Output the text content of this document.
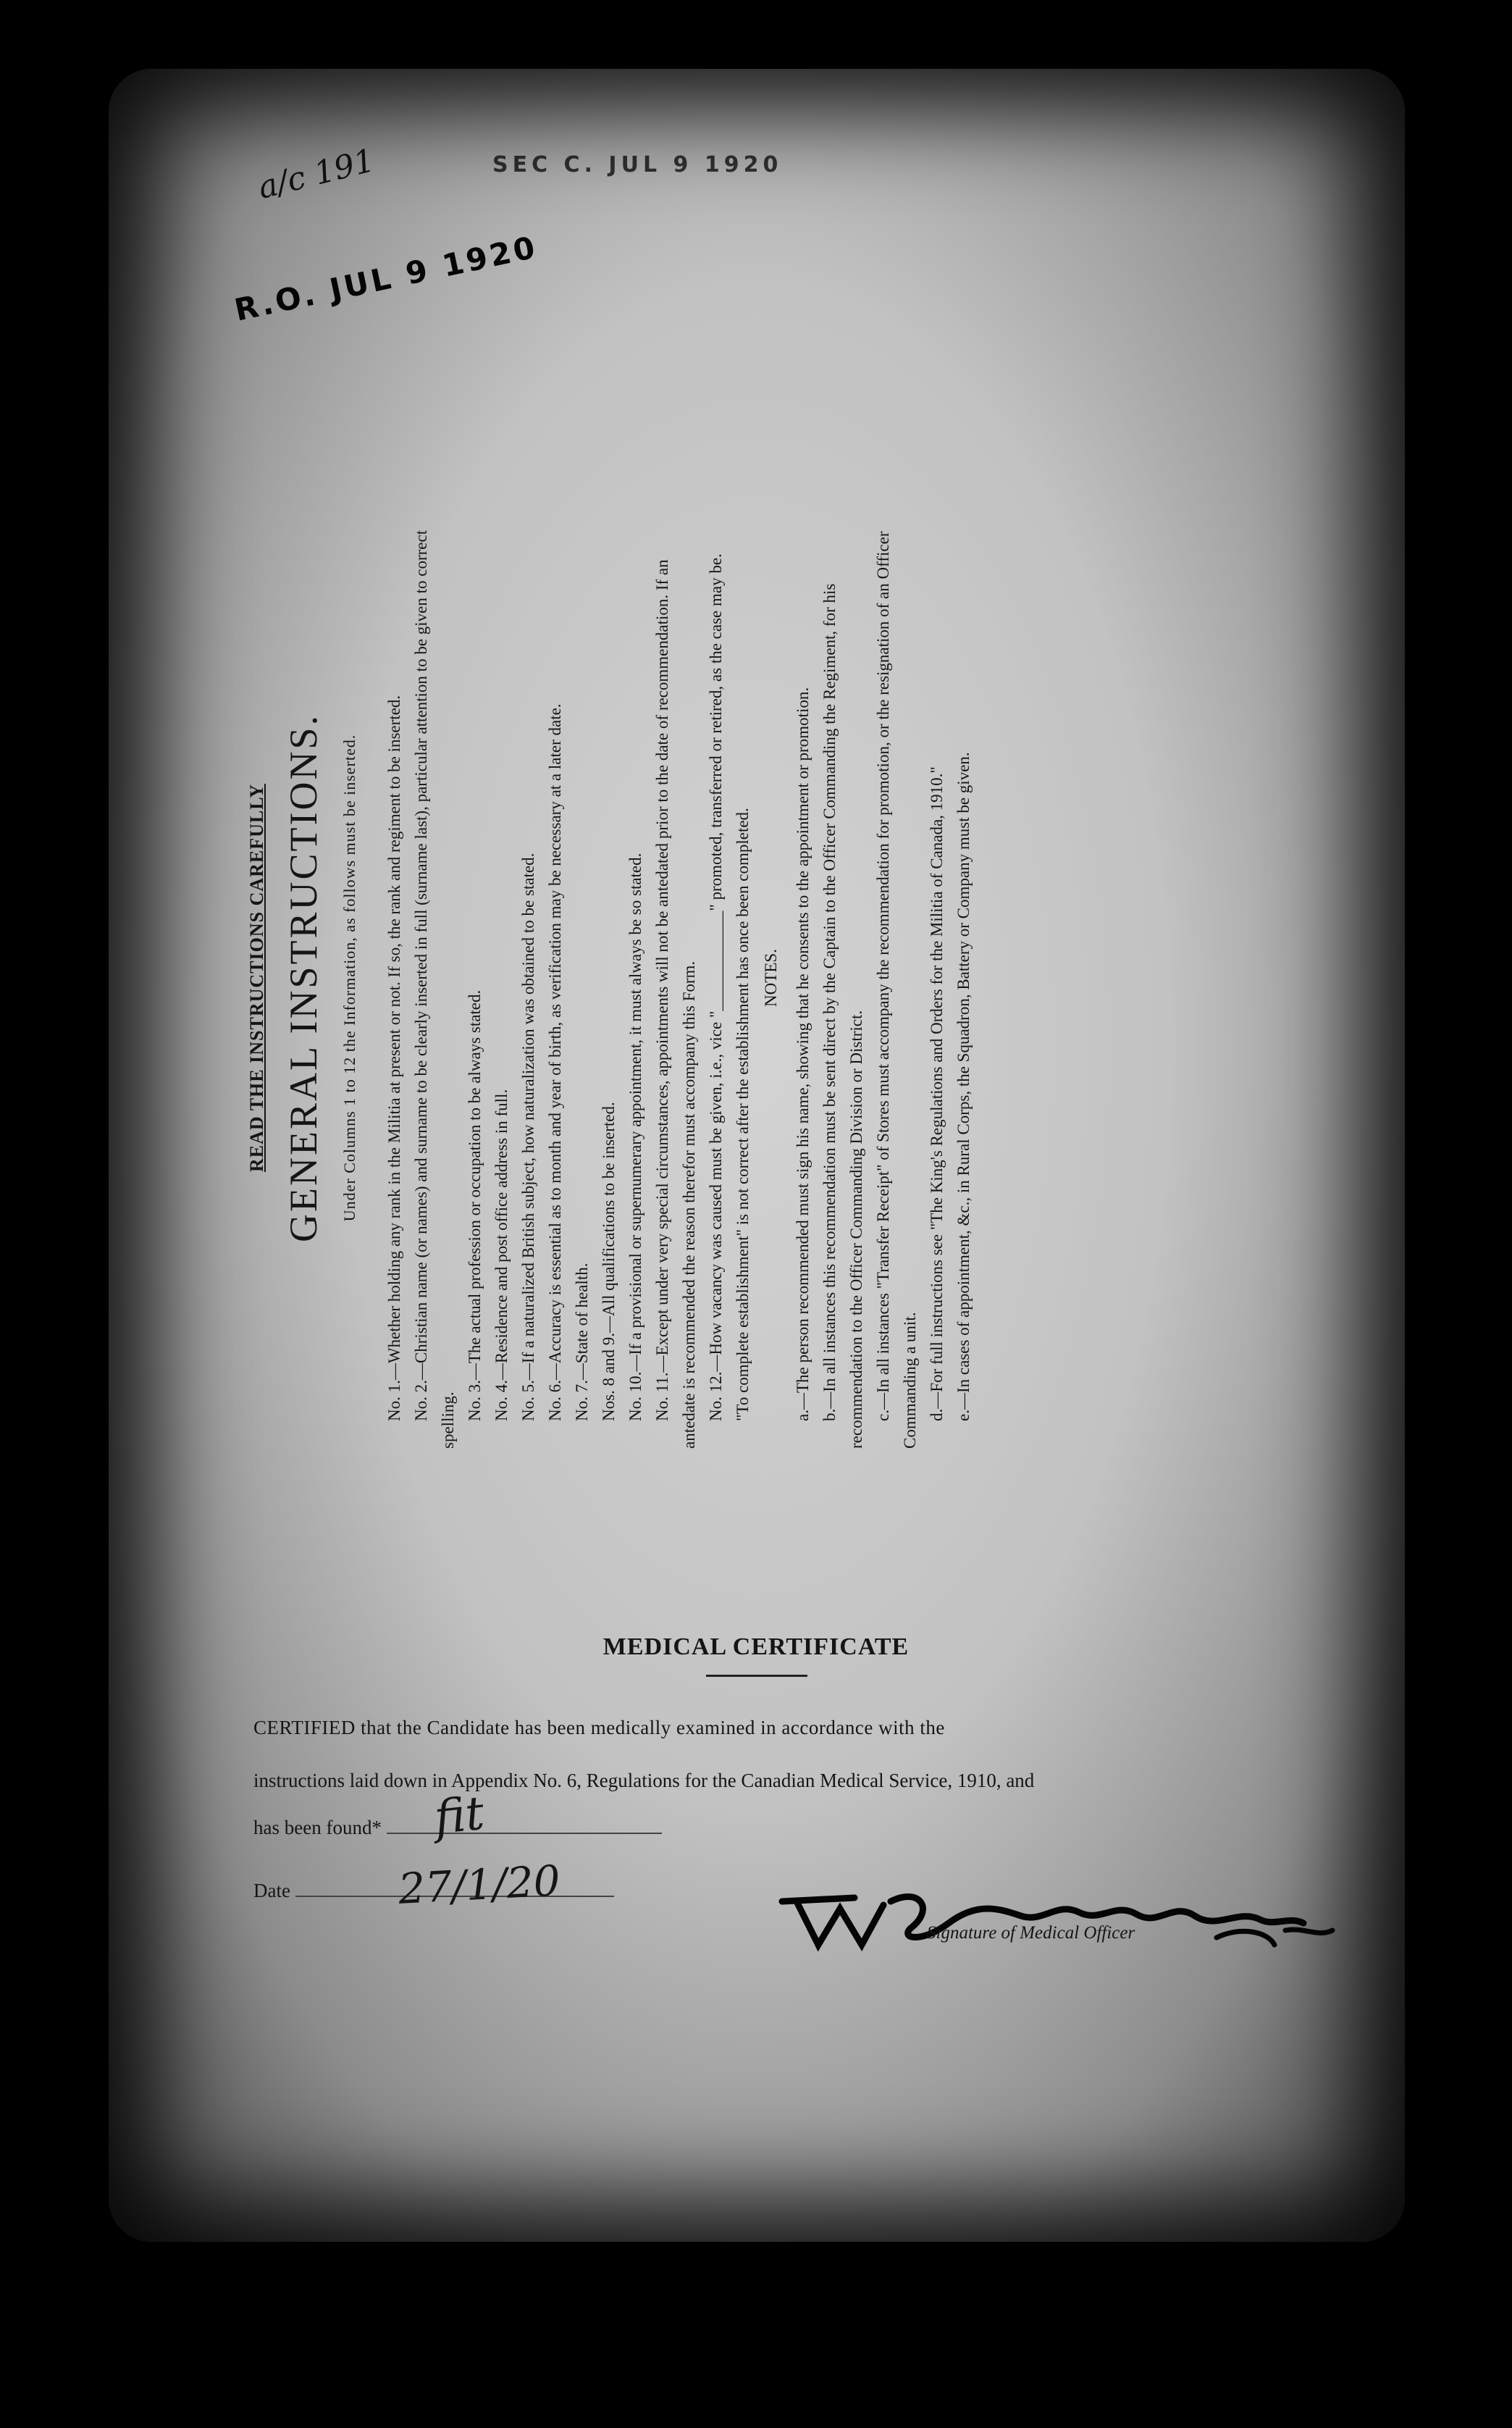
a/c 191	SEC C. JUL 9 1920
R.O. JUL 9 1920
READ THE INSTRUCTIONS CAREFULLY GENERAL INSTRUCTIONS. Under Columns 1 to 12 the Information, as follows must be inserted. No. 1.—Whether holding any rank in the Militia at present or not. If so, the rank and regiment to be inserted. No. 2.—Christian name (or names) and surname to be clearly inserted in full (surname last), particular attention to be given to correct spelling. No. 3.—The actual profession or occupation to be always stated. No. 4.—Residence and post office address in full. No. 5.—If a naturalized British subject, how naturalization was obtained to be stated. No. 6.—Accuracy is essential as to month and year of birth, as verification may be necessary at a later date. No. 7.—State of health. Nos. 8 and 9.—All qualifications to be inserted. No. 10.—If a provisional or supernumerary appointment, it must always be so stated. No. 11.—Except under very special circumstances, appointments will not be antedated prior to the date of recommendation. If an antedate is recommended the reason therefor must accompany this Form. No. 12.—How vacancy was caused must be given, i.e., vice "____________" promoted, transferred or retired, as the case may be. "To complete establishment" is not correct after the establishment has once been completed. NOTES. a.—The person recommended must sign his name, showing that he consents to the appointment or promotion. b.—In all instances this recommendation must be sent direct by the Captain to the Officer Commanding the Regiment, for his recommendation to the Officer Commanding Division or District. c.—In all instances "Transfer Receipt" of Stores must accompany the recommendation for promotion, or the resignation of an Officer Commanding a unit. d.—For full instructions see "The King's Regulations and Orders for the Militia of Canada, 1910." e.—In cases of appointment, &c., in Rural Corps, the Squadron, Battery or Company must be given.

MEDICAL CERTIFICATE
CERTIFIED that the Candidate has been medically examined in accordance with the
instructions laid down in Appendix No. 6, Regulations for the Canadian Medical Service, 1910, and
has been found*	fit
Date	27/1/20
Signature of Medical Officer
